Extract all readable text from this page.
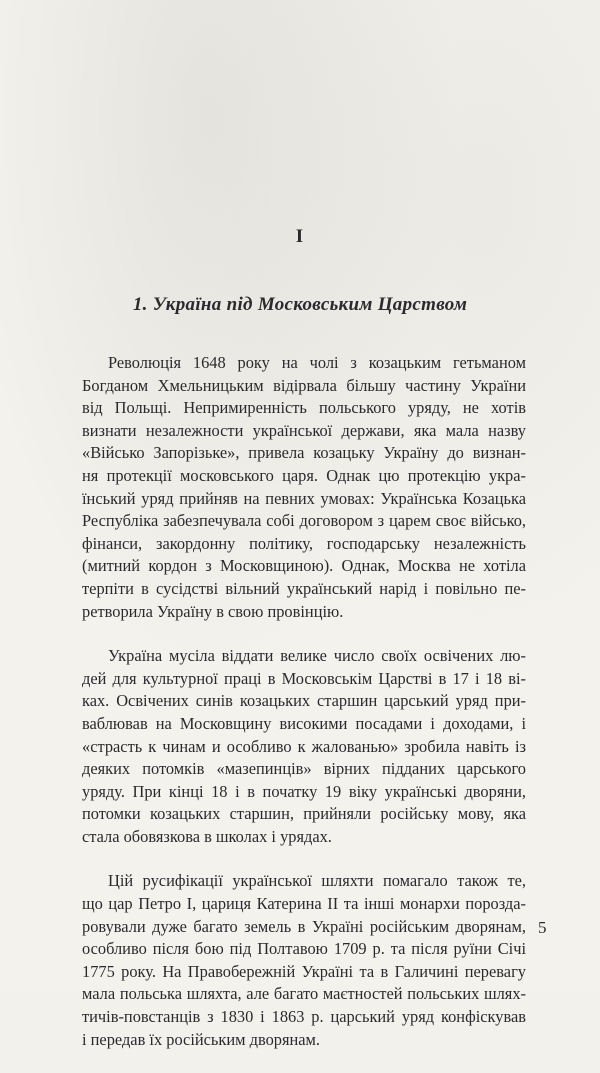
I
1. Україна під Московським Царством
Революція 1648 року на чолі з козацьким гетьманом
Богданом Хмельницьким відірвала більшу частину України
від Польщі. Непримиренність польського уряду, не хотів
визнати незалежности української держави, яка мала назву
«Військо Запорізьке», привела козацьку Україну до визнан-
ня протекції московського царя. Однак цю протекцію укра-
їнський уряд прийняв на певних умовах: Українська Козацька
Республіка забезпечувала собі договором з царем своє військо,
фінанси, закордонну політику, господарську незалежність
(митний кордон з Московщиною). Однак, Москва не хотіла
терпіти в сусідстві вільний український нарід і повільно пе-
ретворила Україну в свою провінцію.
Україна мусіла віддати велике число своїх освічених лю-
дей для культурної праці в Московськім Царстві в 17 і 18 ві-
ках. Освічених синів козацьких старшин царський уряд при-
ваблював на Московщину високими посадами і доходами, і
«страсть к чинам и особливо к жалованью» зробила навіть із
деяких потомків «мазепинців» вірних підданих царського
уряду. При кінці 18 і в початку 19 віку українські дворяни,
потомки козацьких старшин, прийняли російську мову, яка
стала обовязкова в школах і урядах.
Цій русифікації української шляхти помагало також те,
що цар Петро І, цариця Катерина ІІ та інші монархи порозда-
ровували дуже багато земель в Україні російським дворянам,
особливо після бою під Полтавою 1709 р. та після руїни Січі
1775 року. На Правобережній Україні та в Галичині перевагу
мала польська шляхта, але багато маєтностей польських шлях-
тичів-повстанців з 1830 і 1863 р. царський уряд конфіскував
і передав їх російським дворянам.
5
